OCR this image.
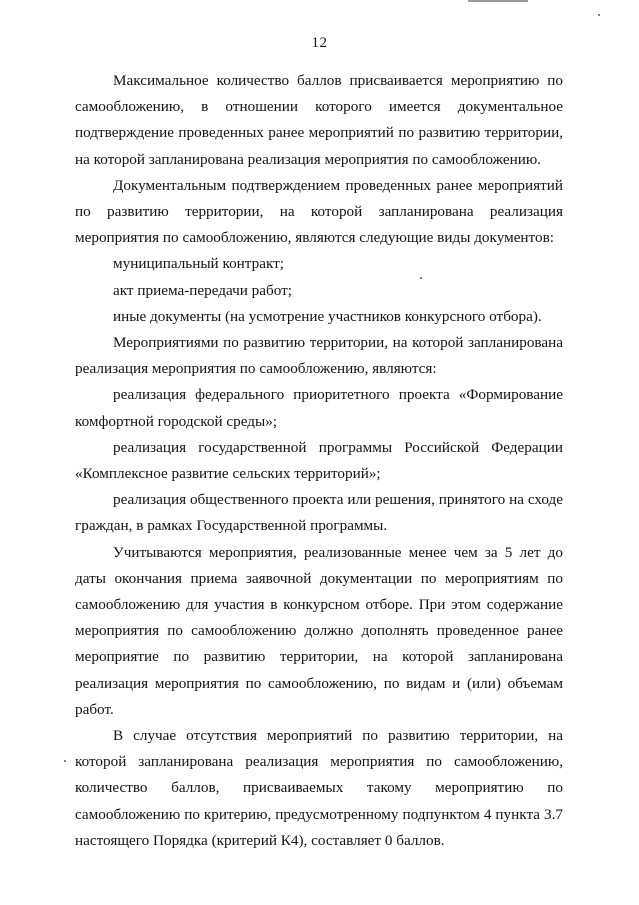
12

Максимальное количество баллов присваивается мероприятию по самообложению, в отношении которого имеется документальное подтверждение проведенных ранее мероприятий по развитию территории, на которой запланирована реализация мероприятия по самообложению.

Документальным подтверждением проведенных ранее мероприятий по развитию территории, на которой запланирована реализация мероприятия по самообложению, являются следующие виды документов:

муниципальный контракт;

акт приема-передачи работ;

иные документы (на усмотрение участников конкурсного отбора).

Мероприятиями по развитию территории, на которой запланирована реализация мероприятия по самообложению, являются:

реализация федерального приоритетного проекта «Формирование комфортной городской среды»;

реализация государственной программы Российской Федерации «Комплексное развитие сельских территорий»;

реализация общественного проекта или решения, принятого на сходе граждан, в рамках Государственной программы.

Учитываются мероприятия, реализованные менее чем за 5 лет до даты окончания приема заявочной документации по мероприятиям по самообложению для участия в конкурсном отборе. При этом содержание мероприятия по самообложению должно дополнять проведенное ранее мероприятие по развитию территории, на которой запланирована реализация мероприятия по самообложению, по видам и (или) объемам работ.

В случае отсутствия мероприятий по развитию территории, на которой запланирована реализация мероприятия по самообложению, количество баллов, присваиваемых такому мероприятию по самообложению по критерию, предусмотренному подпунктом 4 пункта 3.7 настоящего Порядка (критерий К4), составляет 0 баллов.
